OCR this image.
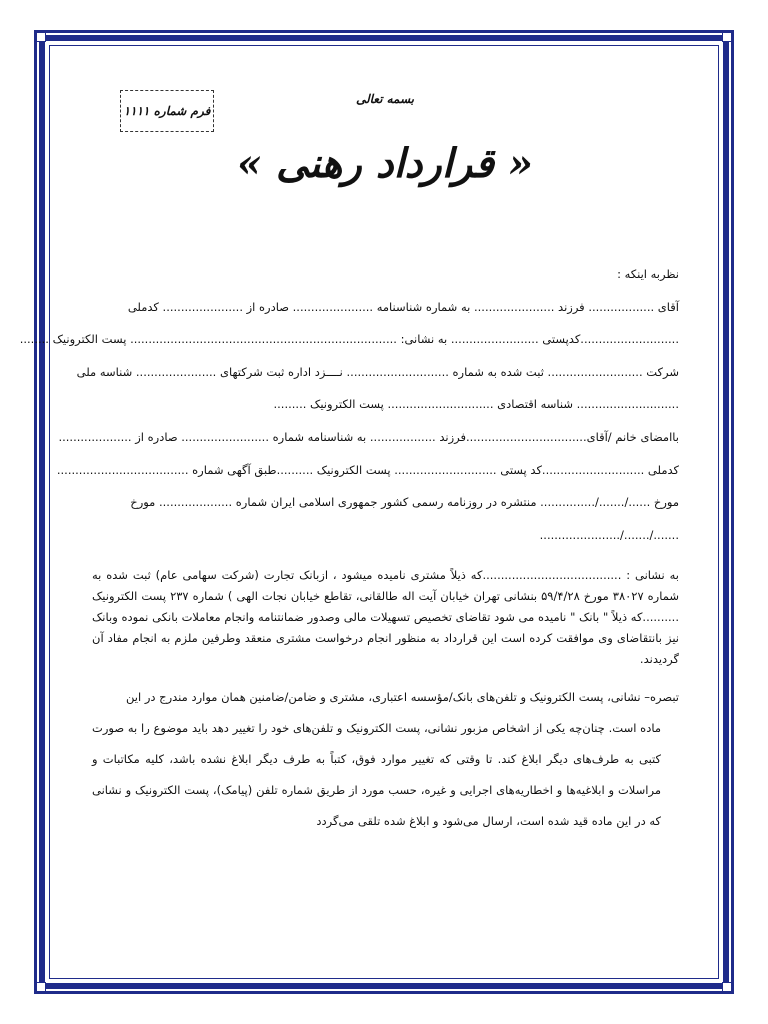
فرم شماره ۱۱۱۱
بسمه تعالی
« قرارداد رهنی »
نظربه اینکه :
آقای .................. فرزند ...................... به شماره شناسنامه ...................... صادره از ...................... کدملی
...........................کدپستی ........................ به نشانی: ......................................................................... پست الکترونیک ........
شرکت .......................... ثبت شده به شماره ............................ نــــزد اداره ثبت شرکتهای ...................... شناسه ملی
............................ شناسه اقتصادی ............................. پست الکترونیک .........
باامضای خانم /آقای.................................فرزند .................. به شناسنامه شماره ........................ صادره از ....................
کدملی ............................کد پستی ............................ پست الکترونیک ..........طبق آگهی شماره ....................................
مورخ ....../......./............... منتشره در روزنامه رسمی کشور جمهوری اسلامی ایران شماره .................... مورخ
......./......./......................
به نشانی : ......................................که ذیلاً مشتری نامیده میشود ، ازبانک تجارت (شرکت سهامی عام) ثبت شده به شماره ۳۸۰۲۷ مورخ ۵۹/۴/۲۸ بنشانی تهران خیابان آیت اله طالقانی، تقاطع خیابان نجات الهی ) شماره ۲۳۷ پست الکترونیک ..........که ذیلاً " بانک " نامیده می شود تقاضای تخصیص تسهیلات مالی وصدور ضمانتنامه وانجام معاملات بانکی نموده وبانک نیز بانتقاضای وی موافقت کرده است این قرارداد به منظور انجام درخواست مشتری منعقد وطرفین ملزم به انجام مفاد آن گردیدند.
تبصره– نشانی، پست الکترونیک و تلفن‌های بانک/مؤسسه اعتباری، مشتری و ضامن/ضامنین همان موارد مندرج در این
ماده است. چنان‌چه یکی از اشخاص مزبور نشانی، پست الکترونیک و تلفن‌های خود را تغییر دهد باید موضوع را به صورت کتبی به طرف‌های دیگر ابلاغ کند. تا وقتی که تغییر موارد فوق، کتباً به طرف دیگر ابلاغ نشده باشد، کلیه مکاتبات و مراسلات و ابلاغیه‌ها و اخطاریه‌های اجرایی و غیره، حسب مورد از طریق شماره تلفن (پیامک)، پست الکترونیک و نشانی که در این ماده قید شده است، ارسال می‌شود و ابلاغ شده تلقی می‌گردد
